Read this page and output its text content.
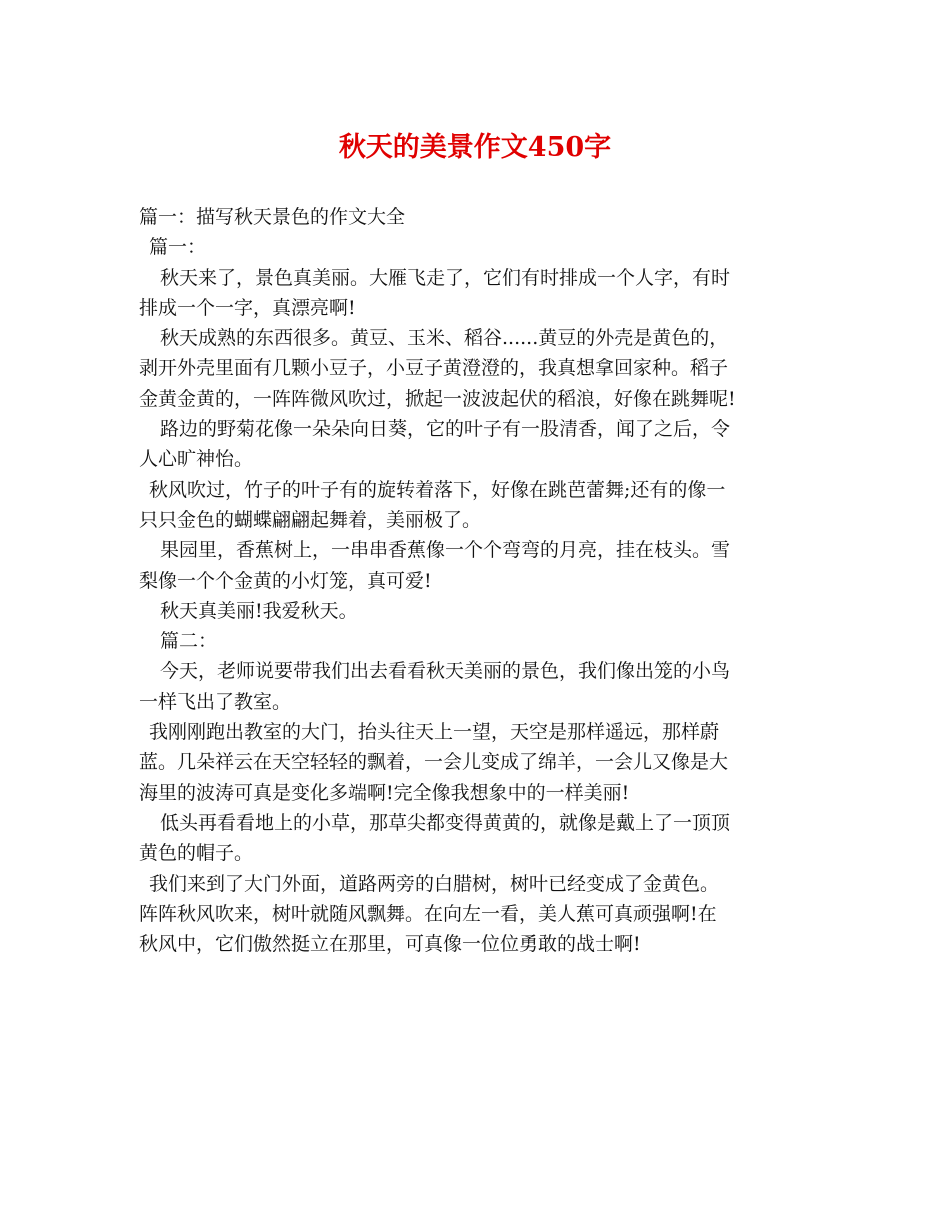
秋天的美景作文450字
篇一：描写秋天景色的作文大全
篇一：
秋天来了，景色真美丽。大雁飞走了，它们有时排成一个人字，有时
排成一个一字，真漂亮啊!
秋天成熟的东西很多。黄豆、玉米、稻谷......黄豆的外壳是黄色的，
剥开外壳里面有几颗小豆子，小豆子黄澄澄的，我真想拿回家种。稻子
金黄金黄的，一阵阵微风吹过，掀起一波波起伏的稻浪，好像在跳舞呢!
路边的野菊花像一朵朵向日葵，它的叶子有一股清香，闻了之后，令
人心旷神怡。
秋风吹过，竹子的叶子有的旋转着落下，好像在跳芭蕾舞;还有的像一
只只金色的蝴蝶翩翩起舞着，美丽极了。
果园里，香蕉树上，一串串香蕉像一个个弯弯的月亮，挂在枝头。雪
梨像一个个金黄的小灯笼，真可爱!
秋天真美丽!我爱秋天。
篇二：
今天，老师说要带我们出去看看秋天美丽的景色，我们像出笼的小鸟
一样飞出了教室。
我刚刚跑出教室的大门，抬头往天上一望，天空是那样遥远，那样蔚
蓝。几朵祥云在天空轻轻的飘着，一会儿变成了绵羊，一会儿又像是大
海里的波涛可真是变化多端啊!完全像我想象中的一样美丽!
低头再看看地上的小草，那草尖都变得黄黄的，就像是戴上了一顶顶
黄色的帽子。
我们来到了大门外面，道路两旁的白腊树，树叶已经变成了金黄色。
阵阵秋风吹来，树叶就随风飘舞。在向左一看，美人蕉可真顽强啊!在
秋风中，它们傲然挺立在那里，可真像一位位勇敢的战士啊!
